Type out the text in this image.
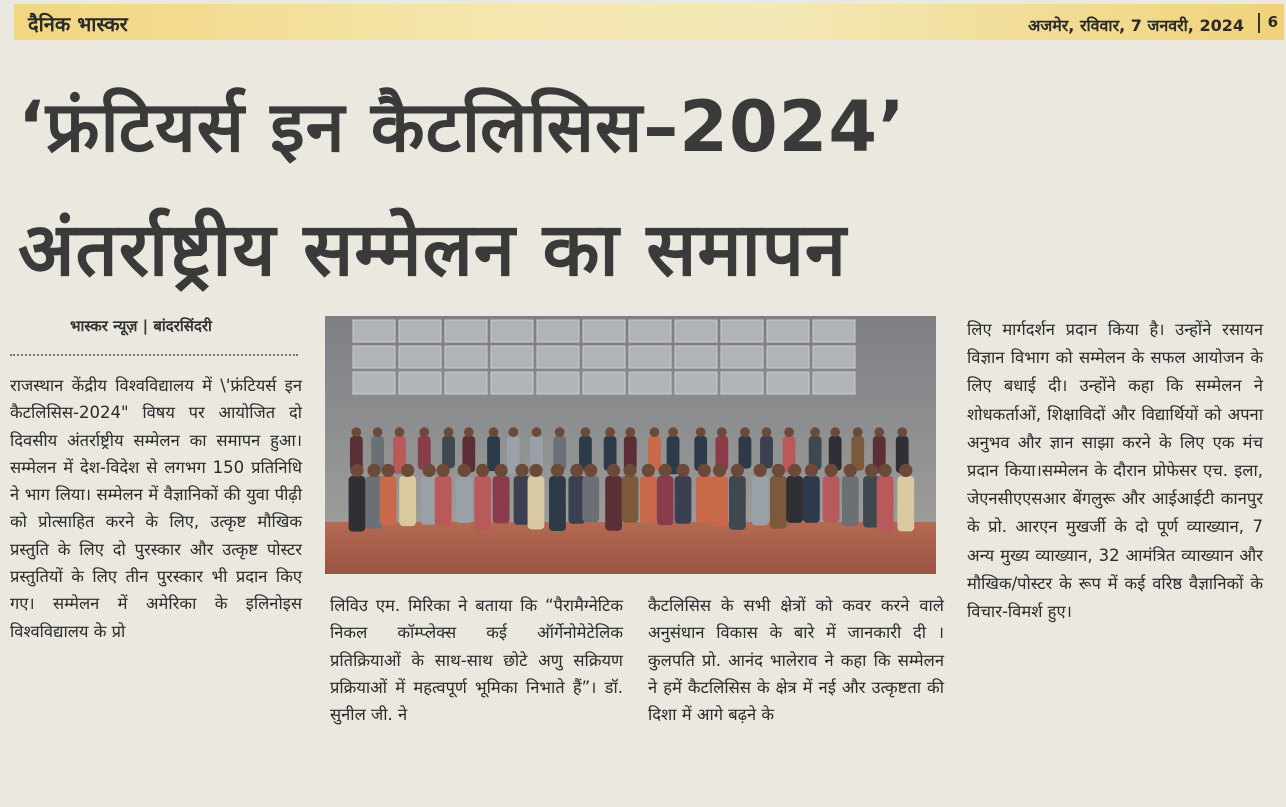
दैनिक भास्कर	अजमेर, रविवार, 7 जनवरी, 2024 6
‘फ्रंटियर्स इन कैटलिसिस–2024’
अंतर्राष्ट्रीय सम्मेलन का समापन
भास्कर न्यूज़ | बांदरसिंदरी

राजस्थान केंद्रीय विश्वविद्यालय में \'फ्रंटियर्स इन कैटलिसिस-2024" विषय पर आयोजित दो दिवसीय अंतर्राष्ट्रीय सम्मेलन का समापन हुआ। सम्मेलन में देश-विदेश से लगभग 150 प्रतिनिधि ने भाग लिया। सम्मेलन में वैज्ञानिकों की युवा पीढ़ी को प्रोत्साहित करने के लिए, उत्कृष्ट मौखिक प्रस्तुति के लिए दो पुरस्कार और उत्कृष्ट पोस्टर प्रस्तुतियों के लिए तीन पुरस्कार भी प्रदान किए गए। सम्मेलन में अमेरिका के इलिनोइस विश्वविद्यालय के प्रो

लिविउ एम. मिरिका ने बताया कि “पैरामैग्नेटिक निकल कॉम्प्लेक्स कई ऑर्गेनोमेटेलिक प्रतिक्रियाओं के साथ-साथ छोटे अणु सक्रियण प्रक्रियाओं में महत्वपूर्ण भूमिका निभाते हैं”। डॉ. सुनील जी. ने

कैटलिसिस के सभी क्षेत्रों को कवर करने वाले अनुसंधान विकास के बारे में जानकारी दी । कुलपति प्रो. आनंद भालेराव ने कहा कि सम्मेलन ने हमें कैटलिसिस के क्षेत्र में नई और उत्कृष्टता की दिशा में आगे बढ़ने के

लिए मार्गदर्शन प्रदान किया है। उन्होंने रसायन विज्ञान विभाग को सम्मेलन के सफल आयोजन के लिए बधाई दी। उन्होंने कहा कि सम्मेलन ने शोधकर्ताओं, शिक्षाविदों और विद्यार्थियों को अपना अनुभव और ज्ञान साझा करने के लिए एक मंच प्रदान किया।सम्मेलन के दौरान प्रोफेसर एच. इला, जेएनसीएएसआर बेंगलुरू और आईआईटी कानपुर के प्रो. आरएन मुखर्जी के दो पूर्ण व्याख्यान, 7 अन्य मुख्य व्याख्यान, 32 आमंत्रित व्याख्यान और मौखिक/पोस्टर के रूप में कई वरिष्ठ वैज्ञानिकों के विचार-विमर्श हुए।
